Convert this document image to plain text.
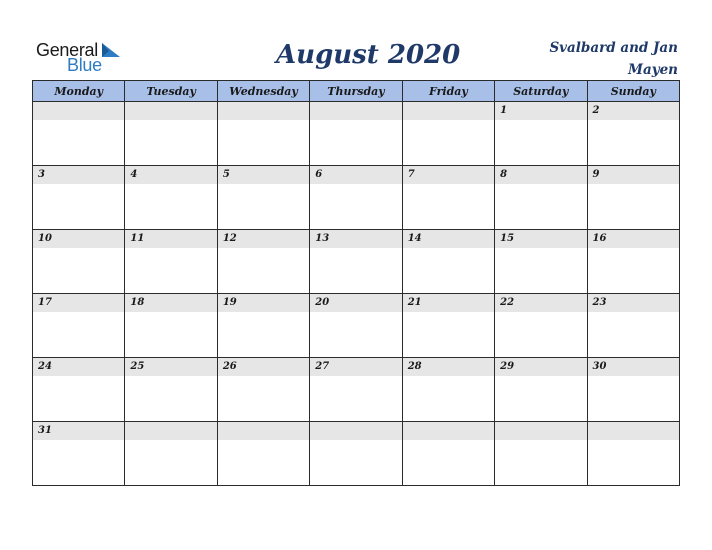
General
Blue	August 2020	Svalbard and Jan
Mayen
Monday	Tuesday	Wednesday	Thursday	Friday	Saturday	Sunday

					1	2

3	4	5	6	7	8	9

10	11	12	13	14	15	16

17	18	19	20	21	22	23

24	25	26	27	28	29	30

31						
